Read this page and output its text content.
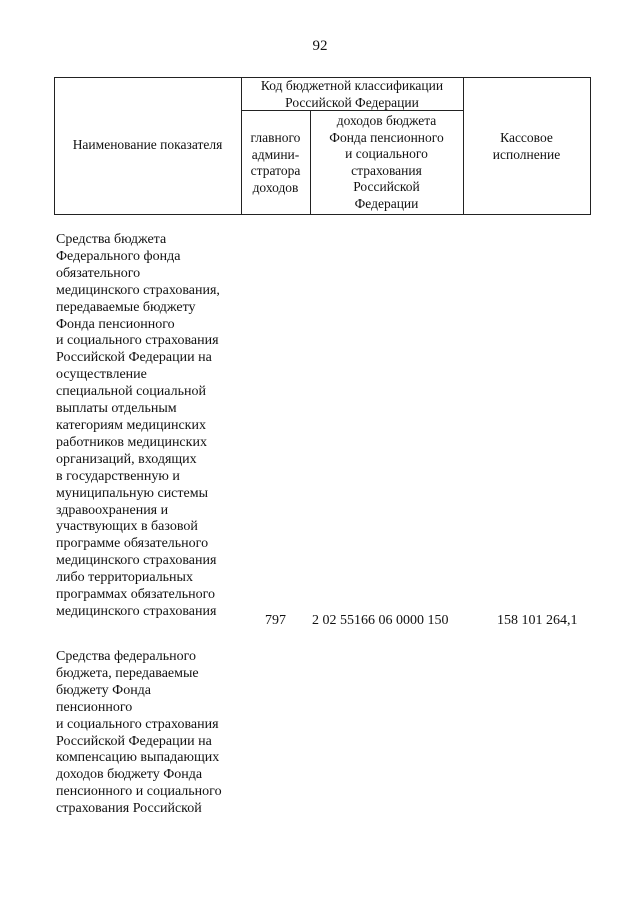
92
Наименование показателя
Код бюджетной классификации
Российской Федерации
главного
админи-
стратора
доходов
доходов бюджета
Фонда пенсионного
и социального
страхования
Российской
Федерации
Кассовое
исполнение
Средства бюджета
Федерального фонда
обязательного
медицинского страхования,
передаваемые бюджету
Фонда пенсионного
и социального страхования
Российской Федерации на
осуществление
специальной социальной
выплаты отдельным
категориям медицинских
работников медицинских
организаций, входящих
в государственную и
муниципальную системы
здравоохранения и
участвующих в базовой
программе обязательного
медицинского страхования
либо территориальных
программах обязательного
медицинского страхования
797 2 02 55166 06 0000 150	158 101 264,1
Средства федерального
бюджета, передаваемые
бюджету Фонда
пенсионного
и социального страхования
Российской Федерации на
компенсацию выпадающих
доходов бюджету Фонда
пенсионного и социального
страхования Российской
